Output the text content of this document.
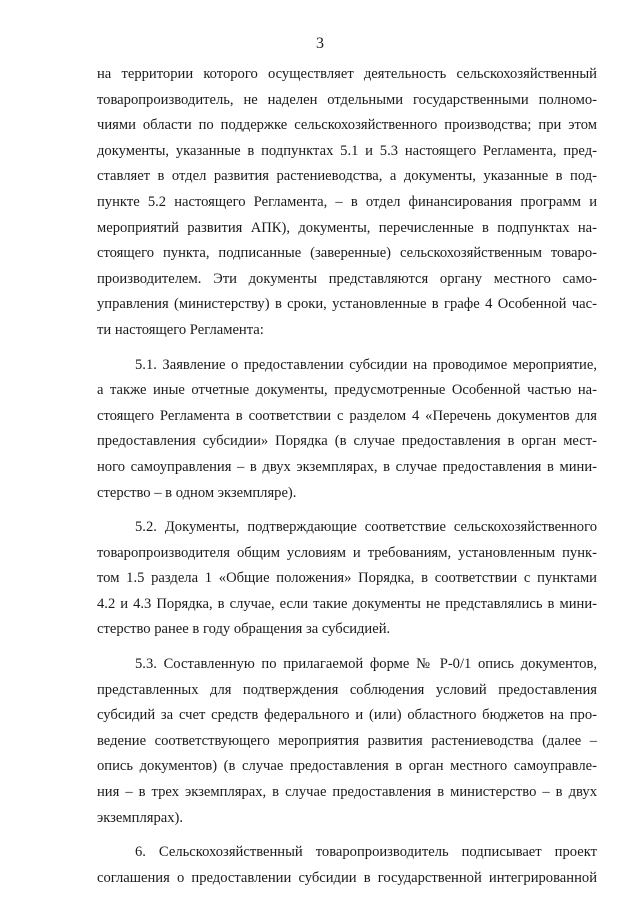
3

на территории которого осуществляет деятельность сельскохозяйственный
товаропроизводитель, не наделен отдельными государственными полномо-
чиями области по поддержке сельскохозяйственного производства; при этом
документы, указанные в подпунктах 5.1 и 5.3 настоящего Регламента, пред-
ставляет в отдел развития растениеводства, а документы, указанные в под-
пункте 5.2 настоящего Регламента, – в отдел финансирования программ и
мероприятий развития АПК), документы, перечисленные в подпунктах на-
стоящего пункта, подписанные (заверенные) сельскохозяйственным товаро-
производителем. Эти документы представляются органу местного само-
управления (министерству) в сроки, установленные в графе 4 Особенной час-
ти настоящего Регламента:

5.1. Заявление о предоставлении субсидии на проводимое мероприятие,
а также иные отчетные документы, предусмотренные Особенной частью на-
стоящего Регламента в соответствии с разделом 4 «Перечень документов для
предоставления субсидии» Порядка (в случае предоставления в орган мест-
ного самоуправления – в двух экземплярах, в случае предоставления в мини-
стерство – в одном экземпляре).

5.2. Документы, подтверждающие соответствие сельскохозяйственного
товаропроизводителя общим условиям и требованиям, установленным пунк-
том 1.5 раздела 1 «Общие положения» Порядка, в соответствии с пунктами
4.2 и 4.3 Порядка, в случае, если такие документы не представлялись в мини-
стерство ранее в году обращения за субсидией.

5.3. Составленную по прилагаемой форме № Р-0/1 опись документов,
представленных для подтверждения соблюдения условий предоставления
субсидий за счет средств федерального и (или) областного бюджетов на про-
ведение соответствующего мероприятия развития растениеводства (далее –
опись документов) (в случае предоставления в орган местного самоуправле-
ния – в трех экземплярах, в случае предоставления в министерство – в двух
экземплярах).

6. Сельскохозяйственный товаропроизводитель подписывает проект
соглашения о предоставлении субсидии в государственной интегрированной
